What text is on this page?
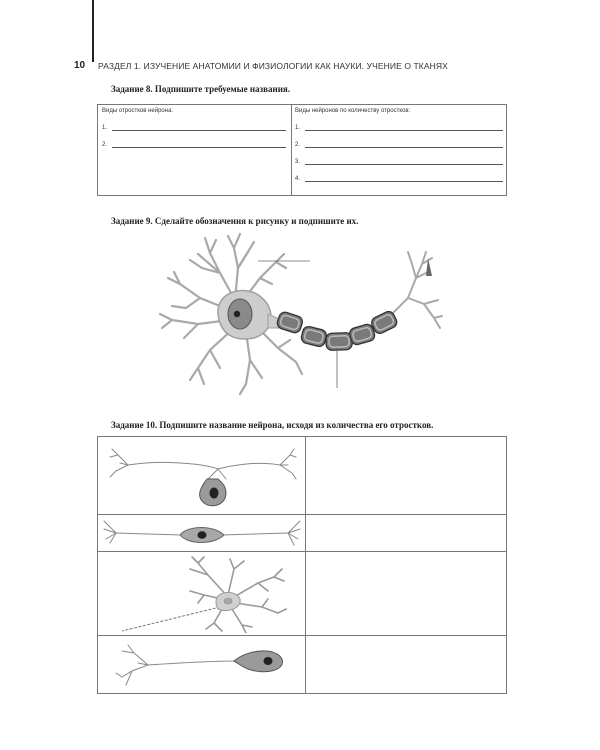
10 РАЗДЕЛ 1. ИЗУЧЕНИЕ АНАТОМИИ И ФИЗИОЛОГИИ КАК НАУКИ. УЧЕНИЕ О ТКАНЯХ
Задание 8. Подпишите требуемые названия.
Виды отростков нейрона:
1.
2.
Виды нейронов по количеству отростков:
1.
2.
3.
4.
Задание 9. Сделайте обозначения к рисунку и подпишите их.
Задание 10. Подпишите название нейрона, исходя из количества его отростков.
